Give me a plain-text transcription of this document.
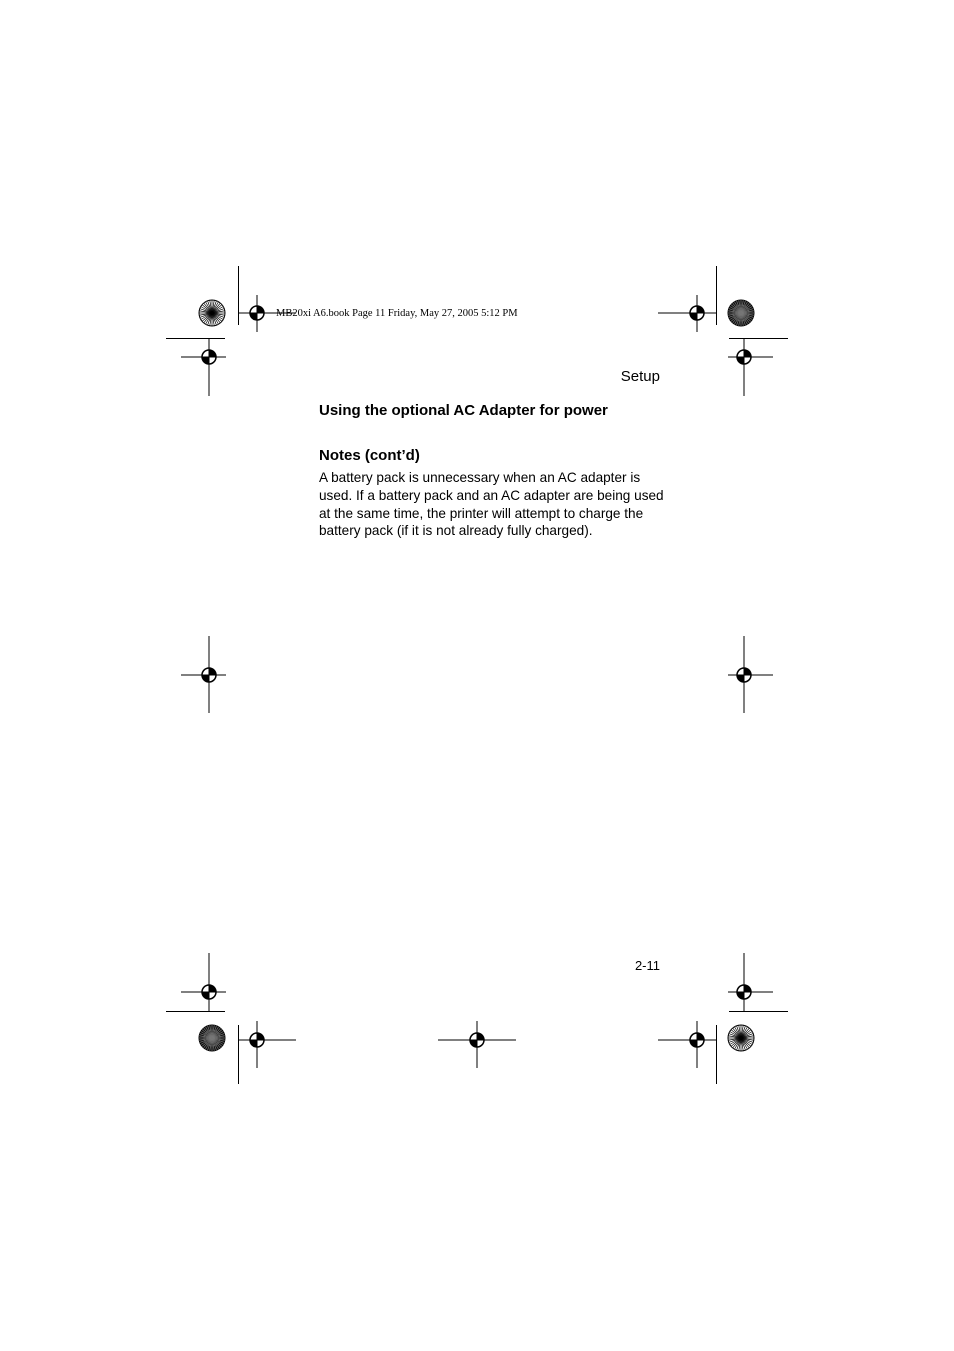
MB20xi A6.book Page 11 Friday, May 27, 2005 5:12 PM
Setup
Using the optional AC Adapter for power
Notes (cont’d)

A battery pack is unnecessary when an AC adapter is used. If a battery pack and an AC adapter are being used at the same time, the printer will attempt to charge the battery pack (if it is not already fully charged).

2-11
